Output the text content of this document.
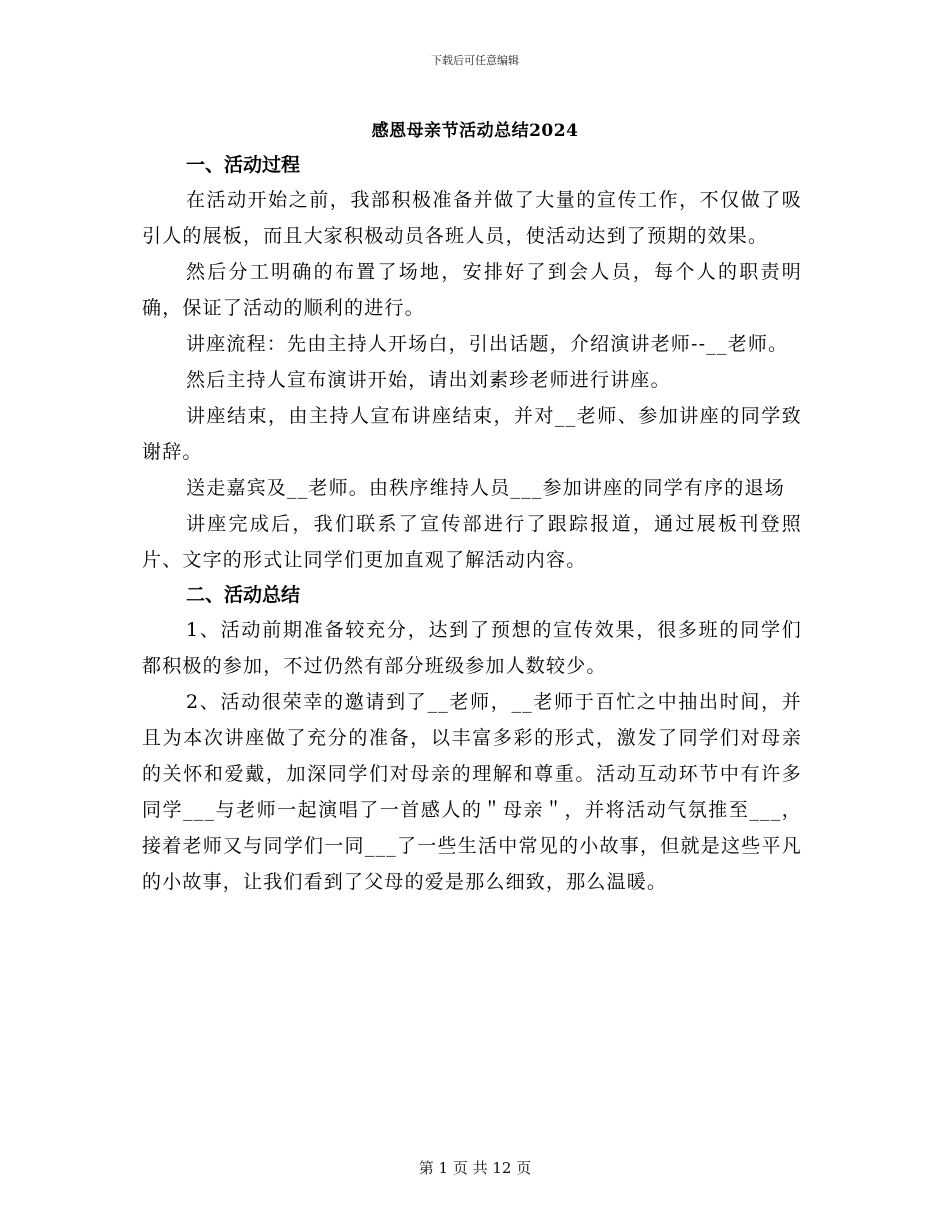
下载后可任意编辑
感恩母亲节活动总结2024

一、活动过程

在活动开始之前，我部积极准备并做了大量的宣传工作，不仅做了吸引人的展板，而且大家积极动员各班人员，使活动达到了预期的效果。

然后分工明确的布置了场地，安排好了到会人员，每个人的职责明确，保证了活动的顺利的进行。

讲座流程：先由主持人开场白，引出话题，介绍演讲老师--__老师。

然后主持人宣布演讲开始，请出刘素珍老师进行讲座。

讲座结束，由主持人宣布讲座结束，并对__老师、参加讲座的同学致谢辞。

送走嘉宾及__老师。由秩序维持人员___参加讲座的同学有序的退场

讲座完成后，我们联系了宣传部进行了跟踪报道，通过展板刊登照片、文字的形式让同学们更加直观了解活动内容。

二、活动总结

1、活动前期准备较充分，达到了预想的宣传效果，很多班的同学们都积极的参加，不过仍然有部分班级参加人数较少。

2、活动很荣幸的邀请到了__老师，__老师于百忙之中抽出时间，并且为本次讲座做了充分的准备，以丰富多彩的形式，激发了同学们对母亲的关怀和爱戴，加深同学们对母亲的理解和尊重。活动互动环节中有许多同学___与老师一起演唱了一首感人的＂母亲＂，并将活动气氛推至___，接着老师又与同学们一同___了一些生活中常见的小故事，但就是这些平凡的小故事，让我们看到了父母的爱是那么细致，那么温暖。

第 1 页 共 12 页
